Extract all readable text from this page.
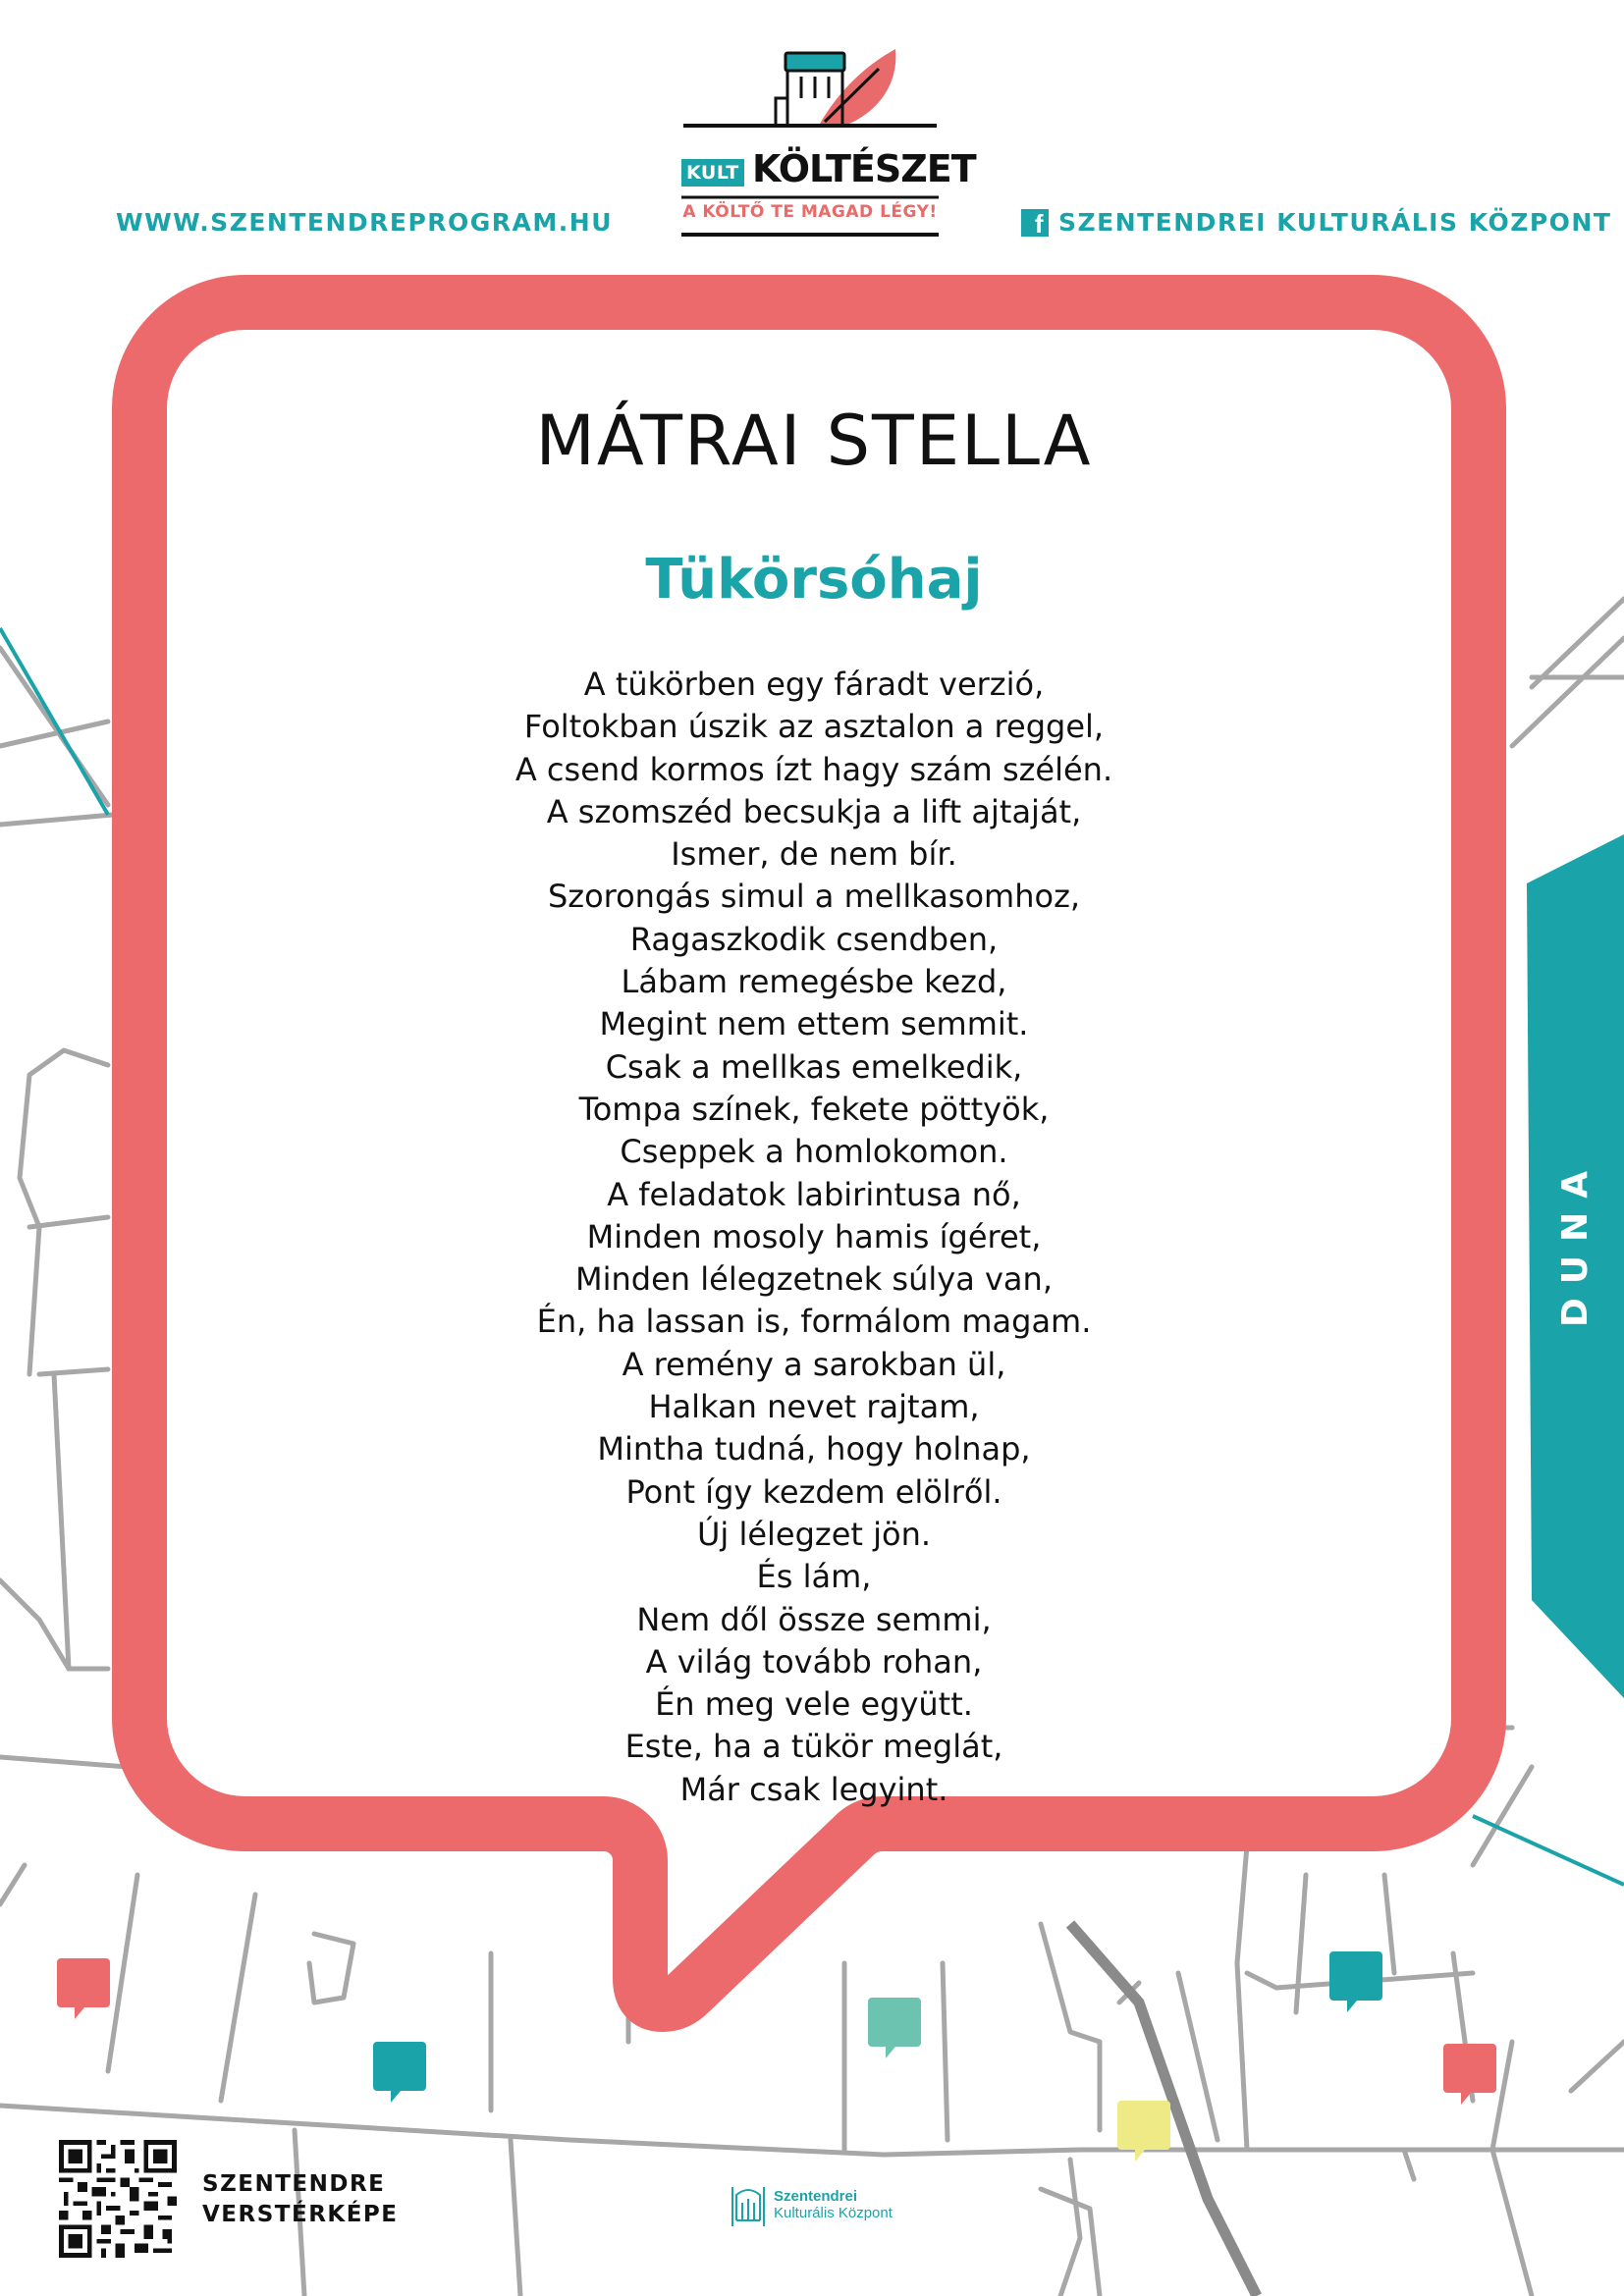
WWW.SZENTENDREPROGRAM.HU	f SZENTENDREI KULTURÁLIS KÖZPONT
KULT KÖLTÉSZET
A KÖLTŐ TE MAGAD LÉGY!
MÁTRAI STELLA
Tükörsóhaj
A tükörben egy fáradt verzió,
Foltokban úszik az asztalon a reggel,
A csend kormos ízt hagy szám szélén.
A szomszéd becsukja a lift ajtaját,
Ismer, de nem bír.
Szorongás simul a mellkasomhoz,
Ragaszkodik csendben,
Lábam remegésbe kezd,
Megint nem ettem semmit.
Csak a mellkas emelkedik,
Tompa színek, fekete pöttyök,
Cseppek a homlokomon.
A feladatok labirintusa nő,
Minden mosoly hamis ígéret,
Minden lélegzetnek súlya van,
Én, ha lassan is, formálom magam.
A remény a sarokban ül,
Halkan nevet rajtam,
Mintha tudná, hogy holnap,
Pont így kezdem elölről.
Új lélegzet jön.
És lám,
Nem dől össze semmi,
A világ tovább rohan,
Én meg vele együtt.
Este, ha a tükör meglát,
Már csak legyint.
DUNA
SZENTENDRE
VERSTÉRKÉPE
Szentendrei
Kulturális Központ
